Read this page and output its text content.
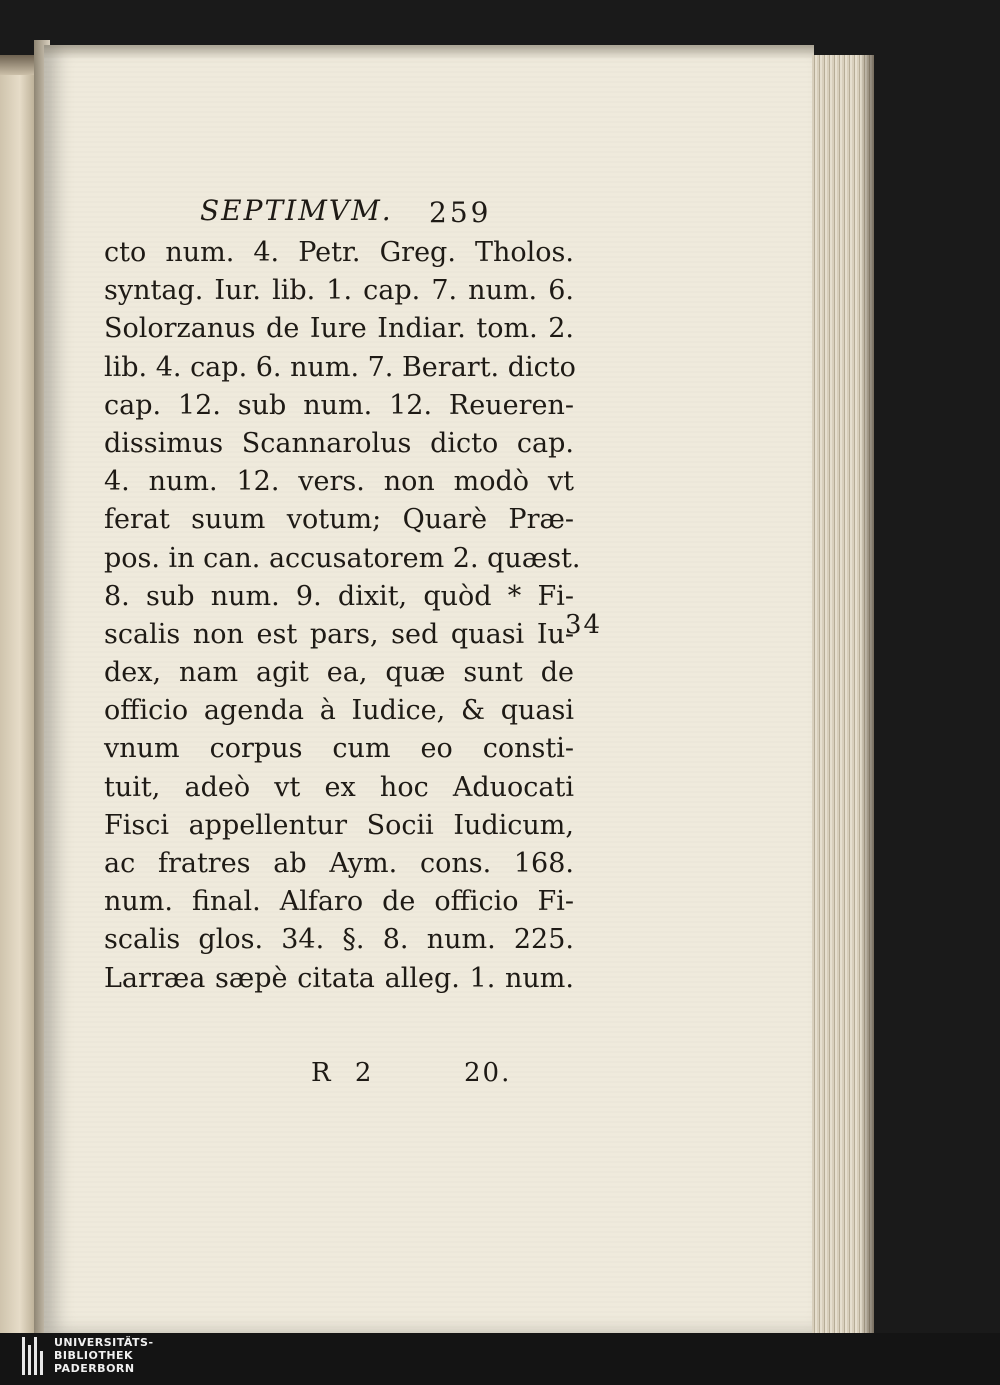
SEPTIMVM. 259
cto num. 4. Petr. Greg. Tholos.
syntag. Iur. lib. 1. cap. 7. num. 6.
Solorzanus de Iure Indiar. tom. 2.
lib. 4. cap. 6. num. 7. Berart. dicto
cap. 12. sub num. 12. Reueren-
dissimus Scannarolus dicto cap.
4. num. 12. vers. non modò vt
ferat suum votum; Quarè Præ-
pos. in can. accusatorem 2. quæst.
8. sub num. 9. dixit, quòd * Fi-
scalis non est pars, sed quasi Iu-
dex, nam agit ea, quæ sunt de
officio agenda à Iudice, & quasi
vnum corpus cum eo consti-
tuit, adeò vt ex hoc Aduocati
Fisci appellentur Socii Iudicum,
ac fratres ab Aym. cons. 168.
num. final. Alfaro de officio Fi-
scalis glos. 34. §. 8. num. 225.
Larræa sæpè citata alleg. 1. num.
R 2	20.
34
UNIVERSITÄTS-
BIBLIOTHEK
PADERBORN
